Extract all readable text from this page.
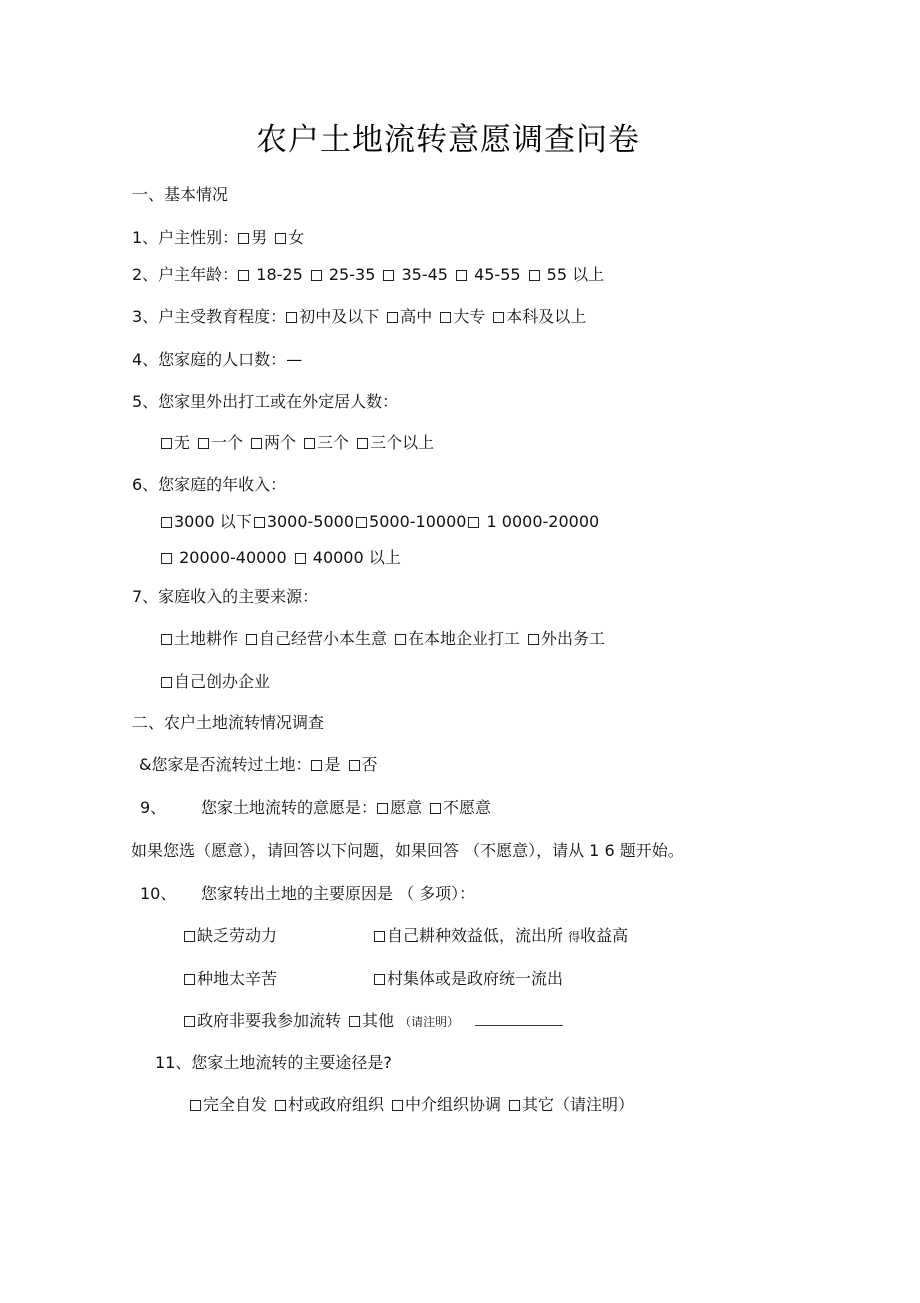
农户土地流转意愿调查问卷
一、基本情况
1、户主性别： 男 女
2、户主年龄： 18-25 25-35 35-45 45-55 55 以上
3、户主受教育程度： 初中及以下 高中 大专 本科及以上
4、您家庭的人口数：—
5、您家里外出打工或在外定居人数：
无 一个 两个 三个 三个以上
6、您家庭的年收入：
3000 以下 3000-5000 5000-10000 1 0000-20000
20000-40000 40000 以上
7、家庭收入的主要来源：
土地耕作 自己经营小本生意 在本地企业打工 外出务工
自己创办企业
二、农户土地流转情况调查
&您家是否流转过土地： 是 否
9、 您家土地流转的意愿是： 愿意 不愿意
如果您选（愿意），请回答以下问题，如果回答 （不愿意），请从 1 6 题开始。
10、 您家转出土地的主要原因是 （ 多项）：
缺乏劳动力	自己耕种效益低，流出所 得收益高
种地太辛苦	村集体或是政府统一流出
政府非要我参加流转 其他 （请注明）
11、您家土地流转的主要途径是?
完全自发 村或政府组织 中介组织协调 其它（请注明）
